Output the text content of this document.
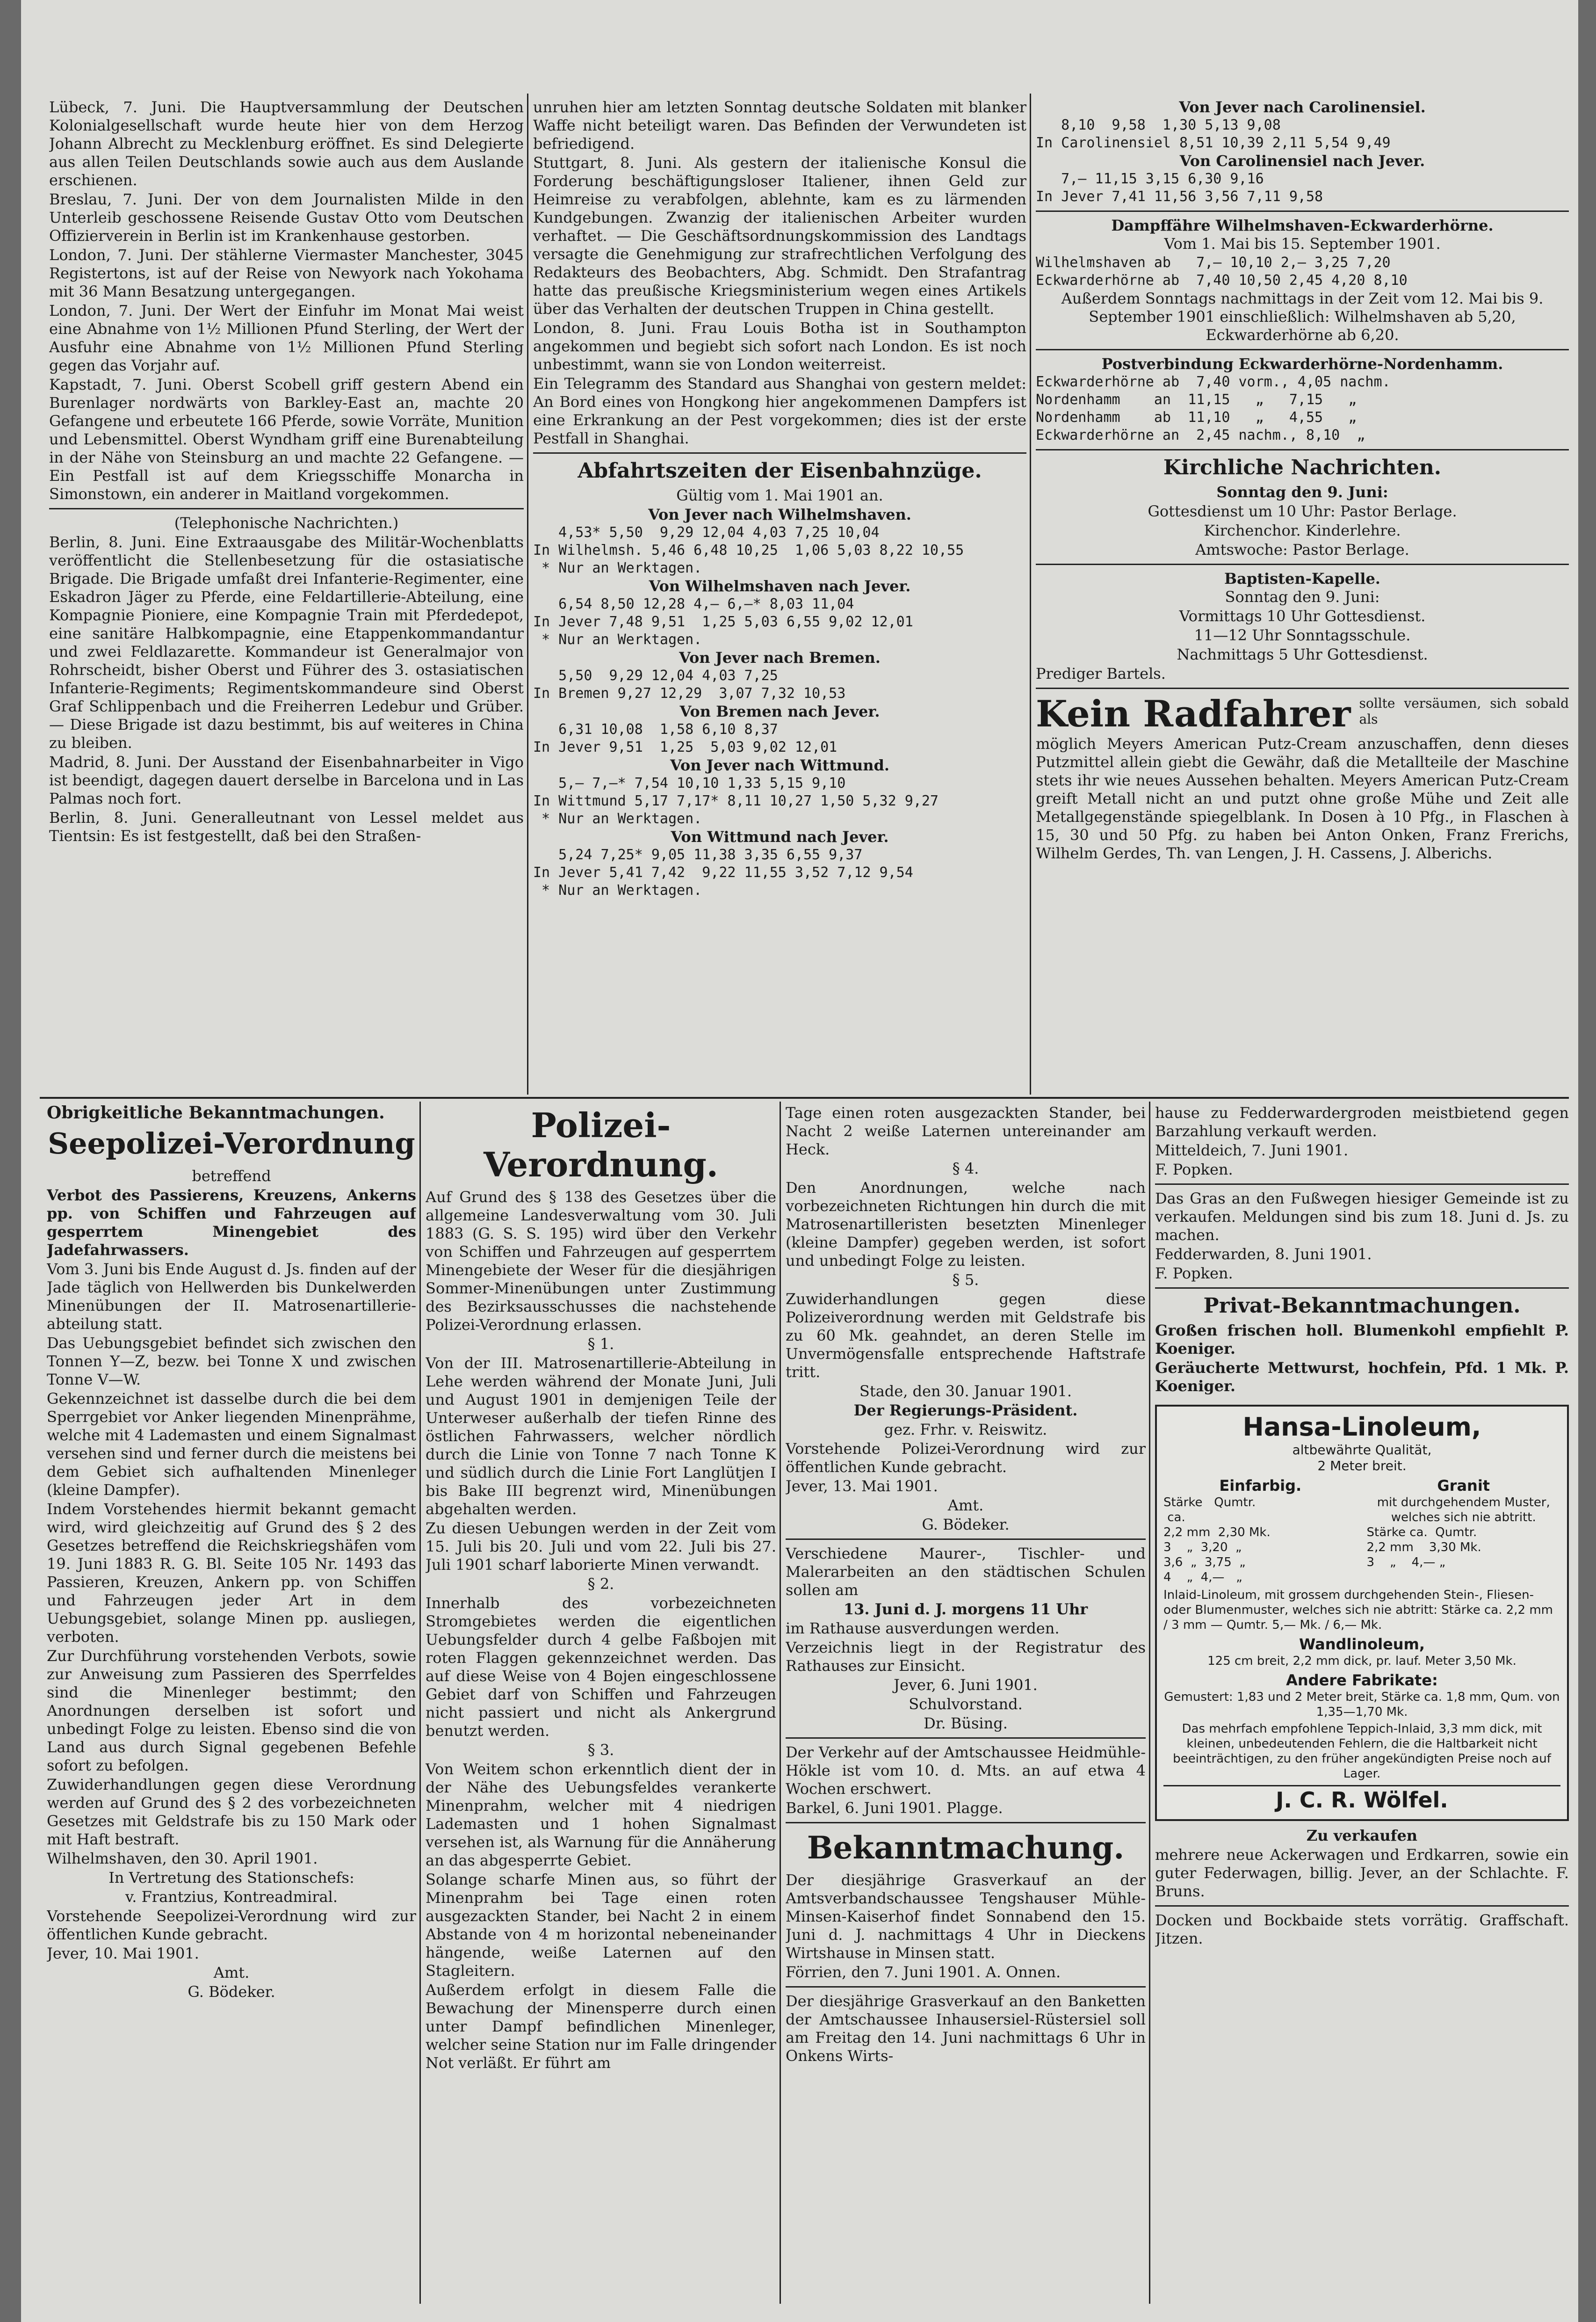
Lübeck, 7. Juni. Die Hauptversammlung der Deutschen Kolonialgesellschaft wurde heute hier von dem Herzog Johann Albrecht zu Mecklenburg eröffnet. Es sind Delegierte aus allen Teilen Deutschlands sowie auch aus dem Auslande erschienen.

Breslau, 7. Juni. Der von dem Journalisten Milde in den Unterleib geschossene Reisende Gustav Otto vom Deutschen Offizierverein in Berlin ist im Krankenhause gestorben.

London, 7. Juni. Der stählerne Viermaster Manchester, 3045 Registertons, ist auf der Reise von Newyork nach Yokohama mit 36 Mann Besatzung untergegangen.

London, 7. Juni. Der Wert der Einfuhr im Monat Mai weist eine Abnahme von 1½ Millionen Pfund Sterling, der Wert der Ausfuhr eine Abnahme von 1½ Millionen Pfund Sterling gegen das Vorjahr auf.

Kapstadt, 7. Juni. Oberst Scobell griff gestern Abend ein Burenlager nordwärts von Barkley-East an, machte 20 Gefangene und erbeutete 166 Pferde, sowie Vorräte, Munition und Lebensmittel. Oberst Wyndham griff eine Burenabteilung in der Nähe von Steinsburg an und machte 22 Gefangene. — Ein Pestfall ist auf dem Kriegsschiffe Monarcha in Simonstown, ein anderer in Maitland vorgekommen.

(Telephonische Nachrichten.)

Berlin, 8. Juni. Eine Extraausgabe des Militär-Wochenblatts veröffentlicht die Stellenbesetzung für die ostasiatische Brigade. Die Brigade umfaßt drei Infanterie-Regimenter, eine Eskadron Jäger zu Pferde, eine Feldartillerie-Abteilung, eine Kompagnie Pioniere, eine Kompagnie Train mit Pferdedepot, eine sanitäre Halbkompagnie, eine Etappenkommandantur und zwei Feldlazarette. Kommandeur ist Generalmajor von Rohrscheidt, bisher Oberst und Führer des 3. ostasiatischen Infanterie-Regiments; Regimentskommandeure sind Oberst Graf Schlippenbach und die Freiherren Ledebur und Grüber. — Diese Brigade ist dazu bestimmt, bis auf weiteres in China zu bleiben.

Madrid, 8. Juni. Der Ausstand der Eisenbahnarbeiter in Vigo ist beendigt, dagegen dauert derselbe in Barcelona und in Las Palmas noch fort.

Berlin, 8. Juni. Generalleutnant von Lessel meldet aus Tientsin: Es ist festgestellt, daß bei den Straßen-

unruhen hier am letzten Sonntag deutsche Soldaten mit blanker Waffe nicht beteiligt waren. Das Befinden der Verwundeten ist befriedigend.

Stuttgart, 8. Juni. Als gestern der italienische Konsul die Forderung beschäftigungsloser Italiener, ihnen Geld zur Heimreise zu verabfolgen, ablehnte, kam es zu lärmenden Kundgebungen. Zwanzig der italienischen Arbeiter wurden verhaftet. — Die Geschäftsordnungskommission des Landtags versagte die Genehmigung zur strafrechtlichen Verfolgung des Redakteurs des Beobachters, Abg. Schmidt. Den Strafantrag hatte das preußische Kriegsministerium wegen eines Artikels über das Verhalten der deutschen Truppen in China gestellt.

London, 8. Juni. Frau Louis Botha ist in Southampton angekommen und begiebt sich sofort nach London. Es ist noch unbestimmt, wann sie von London weiterreist.

Ein Telegramm des Standard aus Shanghai von gestern meldet: An Bord eines von Hongkong hier angekommenen Dampfers ist eine Erkrankung an der Pest vorgekommen; dies ist der erste Pestfall in Shanghai.

Abfahrtszeiten der Eisenbahnzüge.

Gültig vom 1. Mai 1901 an.

Von Jever nach Wilhelmshaven.
4,53* 5,50  9,29 12,04 4,03 7,25 10,04
In Wilhelmsh. 5,46 6,48 10,25  1,06 5,03 8,22 10,55
* Nur an Werktagen.
Von Wilhelmshaven nach Jever.
6,54 8,50 12,28 4,— 6,—* 8,03 11,04
In Jever 7,48 9,51  1,25 5,03 6,55 9,02 12,01
* Nur an Werktagen.
Von Jever nach Bremen.
5,50  9,29 12,04 4,03 7,25
In Bremen 9,27 12,29  3,07 7,32 10,53
Von Bremen nach Jever.
6,31 10,08  1,58 6,10 8,37
In Jever 9,51  1,25  5,03 9,02 12,01
Von Jever nach Wittmund.
5,— 7,—* 7,54 10,10 1,33 5,15 9,10
In Wittmund 5,17 7,17* 8,11 10,27 1,50 5,32 9,27
* Nur an Werktagen.
Von Wittmund nach Jever.
5,24 7,25* 9,05 11,38 3,35 6,55 9,37
In Jever 5,41 7,42  9,22 11,55 3,52 7,12 9,54
* Nur an Werktagen.
Von Jever nach Carolinensiel.
8,10  9,58  1,30 5,13 9,08
In Carolinensiel 8,51 10,39 2,11 5,54 9,49
Von Carolinensiel nach Jever.
7,— 11,15 3,15 6,30 9,16
In Jever 7,41 11,56 3,56 7,11 9,58
Dampffähre Wilhelmshaven-Eckwarderhörne.

Vom 1. Mai bis 15. September 1901.

Wilhelmshaven ab   7,— 10,10 2,— 3,25 7,20
Eckwarderhörne ab  7,40 10,50 2,45 4,20 8,10

Außerdem Sonntags nachmittags in der Zeit vom 12. Mai bis 9. September 1901 einschließlich: Wilhelmshaven ab 5,20, Eckwarderhörne ab 6,20.

Postverbindung Eckwarderhörne-Nordenhamm.
Eckwarderhörne ab  7,40 vorm., 4,05 nachm.
Nordenhamm    an  11,15   „   7,15   „
Nordenhamm    ab  11,10   „   4,55   „
Eckwarderhörne an  2,45 nachm., 8,10  „
Kirchliche Nachrichten.

Sonntag den 9. Juni:

Gottesdienst um 10 Uhr: Pastor Berlage.

Kirchenchor. Kinderlehre.

Amtswoche: Pastor Berlage.

Baptisten-Kapelle.

Sonntag den 9. Juni:

Vormittags 10 Uhr Gottesdienst.

11—12 Uhr Sonntagsschule.

Nachmittags 5 Uhr Gottesdienst.

Prediger Bartels.

Kein Radfahrer sollte versäumen, sich sobald als

möglich Meyers American Putz-Cream anzuschaffen, denn dieses Putzmittel allein giebt die Gewähr, daß die Metallteile der Maschine stets ihr wie neues Aussehen behalten. Meyers American Putz-Cream greift Metall nicht an und putzt ohne große Mühe und Zeit alle Metallgegenstände spiegelblank. In Dosen à 10 Pfg., in Flaschen à 15, 30 und 50 Pfg. zu haben bei Anton Onken, Franz Frerichs, Wilhelm Gerdes, Th. van Lengen, J. H. Cassens, J. Alberichs.

Obrigkeitliche Bekanntmachungen.
Seepolizei-Verordnung

betreffend

Verbot des Passierens, Kreuzens, Ankerns pp. von Schiffen und Fahrzeugen auf gesperrtem Minengebiet des Jadefahrwassers.

Vom 3. Juni bis Ende August d. Js. finden auf der Jade täglich von Hellwerden bis Dunkelwerden Minenübungen der II. Matrosenartillerie-abteilung statt.

Das Uebungsgebiet befindet sich zwischen den Tonnen Y—Z, bezw. bei Tonne X und zwischen Tonne V—W.

Gekennzeichnet ist dasselbe durch die bei dem Sperrgebiet vor Anker liegenden Minenprähme, welche mit 4 Lademasten und einem Signalmast versehen sind und ferner durch die meistens bei dem Gebiet sich aufhaltenden Minenleger (kleine Dampfer).

Indem Vorstehendes hiermit bekannt gemacht wird, wird gleichzeitig auf Grund des § 2 des Gesetzes betreffend die Reichskriegshäfen vom 19. Juni 1883 R. G. Bl. Seite 105 Nr. 1493 das Passieren, Kreuzen, Ankern pp. von Schiffen und Fahrzeugen jeder Art in dem Uebungsgebiet, solange Minen pp. ausliegen, verboten.

Zur Durchführung vorstehenden Verbots, sowie zur Anweisung zum Passieren des Sperrfeldes sind die Minenleger bestimmt; den Anordnungen derselben ist sofort und unbedingt Folge zu leisten. Ebenso sind die von Land aus durch Signal gegebenen Befehle sofort zu befolgen.

Zuwiderhandlungen gegen diese Verordnung werden auf Grund des § 2 des vorbezeichneten Gesetzes mit Geldstrafe bis zu 150 Mark oder mit Haft bestraft.

Wilhelmshaven, den 30. April 1901.

In Vertretung des Stationschefs:

v. Frantzius, Kontreadmiral.

Vorstehende Seepolizei-Verordnung wird zur öffentlichen Kunde gebracht.

Jever, 10. Mai 1901.

Amt.

G. Bödeker.

Polizei-Verordnung.

Auf Grund des § 138 des Gesetzes über die allgemeine Landesverwaltung vom 30. Juli 1883 (G. S. S. 195) wird über den Verkehr von Schiffen und Fahrzeugen auf gesperrtem Minengebiete der Weser für die diesjährigen Sommer-Minenübungen unter Zustimmung des Bezirksausschusses die nachstehende Polizei-Verordnung erlassen.

§ 1.

Von der III. Matrosenartillerie-Abteilung in Lehe werden während der Monate Juni, Juli und August 1901 in demjenigen Teile der Unterweser außerhalb der tiefen Rinne des östlichen Fahrwassers, welcher nördlich durch die Linie von Tonne 7 nach Tonne K und südlich durch die Linie Fort Langlütjen I bis Bake III begrenzt wird, Minenübungen abgehalten werden.

Zu diesen Uebungen werden in der Zeit vom 15. Juli bis 20. Juli und vom 22. Juli bis 27. Juli 1901 scharf laborierte Minen verwandt.

§ 2.

Innerhalb des vorbezeichneten Stromgebietes werden die eigentlichen Uebungsfelder durch 4 gelbe Faßbojen mit roten Flaggen gekennzeichnet werden. Das auf diese Weise von 4 Bojen eingeschlossene Gebiet darf von Schiffen und Fahrzeugen nicht passiert und nicht als Ankergrund benutzt werden.

§ 3.

Von Weitem schon erkenntlich dient der in der Nähe des Uebungsfeldes verankerte Minenprahm, welcher mit 4 niedrigen Lademasten und 1 hohen Signalmast versehen ist, als Warnung für die Annäherung an das abgesperrte Gebiet.

Solange scharfe Minen aus, so führt der Minenprahm bei Tage einen roten ausgezackten Stander, bei Nacht 2 in einem Abstande von 4 m horizontal nebeneinander hängende, weiße Laternen auf den Stagleitern.

Außerdem erfolgt in diesem Falle die Bewachung der Minensperre durch einen unter Dampf befindlichen Minenleger, welcher seine Station nur im Falle dringender Not verläßt. Er führt am

Tage einen roten ausgezackten Stander, bei Nacht 2 weiße Laternen untereinander am Heck.

§ 4.

Den Anordnungen, welche nach vorbezeichneten Richtungen hin durch die mit Matrosenartilleristen besetzten Minenleger (kleine Dampfer) gegeben werden, ist sofort und unbedingt Folge zu leisten.

§ 5.

Zuwiderhandlungen gegen diese Polizeiverordnung werden mit Geldstrafe bis zu 60 Mk. geahndet, an deren Stelle im Unvermögensfalle entsprechende Haftstrafe tritt.

Stade, den 30. Januar 1901.

Der Regierungs-Präsident.

gez. Frhr. v. Reiswitz.

Vorstehende Polizei-Verordnung wird zur öffentlichen Kunde gebracht.

Jever, 13. Mai 1901.

Amt.

G. Bödeker.

Verschiedene Maurer-, Tischler- und Malerarbeiten an den städtischen Schulen sollen am

13. Juni d. J. morgens 11 Uhr

im Rathause ausverdungen werden.

Verzeichnis liegt in der Registratur des Rathauses zur Einsicht.

Jever, 6. Juni 1901.

Schulvorstand.

Dr. Büsing.

Der Verkehr auf der Amtschaussee Heidmühle-Hökle ist vom 10. d. Mts. an auf etwa 4 Wochen erschwert.

Barkel, 6. Juni 1901. Plagge.

Bekanntmachung.

Der diesjährige Grasverkauf an der Amtsverbandschaussee Tengshauser Mühle-Minsen-Kaiserhof findet Sonnabend den 15. Juni d. J. nachmittags 4 Uhr in Dieckens Wirtshause in Minsen statt.

Förrien, den 7. Juni 1901. A. Onnen.

Der diesjährige Grasverkauf an den Banketten der Amtschaussee Inhausersiel-Rüstersiel soll am Freitag den 14. Juni nachmittags 6 Uhr in Onkens Wirts-

hause zu Fedderwardergroden meistbietend gegen Barzahlung verkauft werden.

Mitteldeich, 7. Juni 1901.

F. Popken.

Das Gras an den Fußwegen hiesiger Gemeinde ist zu verkaufen. Meldungen sind bis zum 18. Juni d. Js. zu machen.

Fedderwarden, 8. Juni 1901.

F. Popken.

Privat-Bekanntmachungen.

Großen frischen holl. Blumenkohl empfiehlt P. Koeniger.

Geräucherte Mettwurst, hochfein, Pfd. 1 Mk. P. Koeniger.

Hansa-Linoleum,
altbewährte Qualität,
2 Meter breit.
Einfarbig.
Stärke   Qumtr.
ca.
2,2 mm  2,30 Mk.
3    „  3,20  „
3,6  „  3,75  „
4    „  4,—   „
Granit
mit durchgehendem Muster, welches sich nie abtritt.
Stärke ca.  Qumtr.
2,2 mm    3,30 Mk.
3    „    4,— „
Inlaid-Linoleum, mit grossem durchgehenden Stein-, Fliesen- oder Blumenmuster, welches sich nie abtritt: Stärke ca. 2,2 mm / 3 mm — Qumtr. 5,— Mk. / 6,— Mk.
Wandlinoleum,
125 cm breit, 2,2 mm dick, pr. lauf. Meter 3,50 Mk.
Andere Fabrikate:
Gemustert: 1,83 und 2 Meter breit, Stärke ca. 1,8 mm, Qum. von 1,35—1,70 Mk.
Das mehrfach empfohlene Teppich-Inlaid, 3,3 mm dick, mit kleinen, unbedeutenden Fehlern, die die Haltbarkeit nicht beeinträchtigen, zu den früher angekündigten Preise noch auf Lager.
J. C. R. Wölfel.

Zu verkaufen

mehrere neue Ackerwagen und Erdkarren, sowie ein guter Federwagen, billig. Jever, an der Schlachte. F. Bruns.

Docken und Bockbaide stets vorrätig. Graffschaft. Jitzen.
